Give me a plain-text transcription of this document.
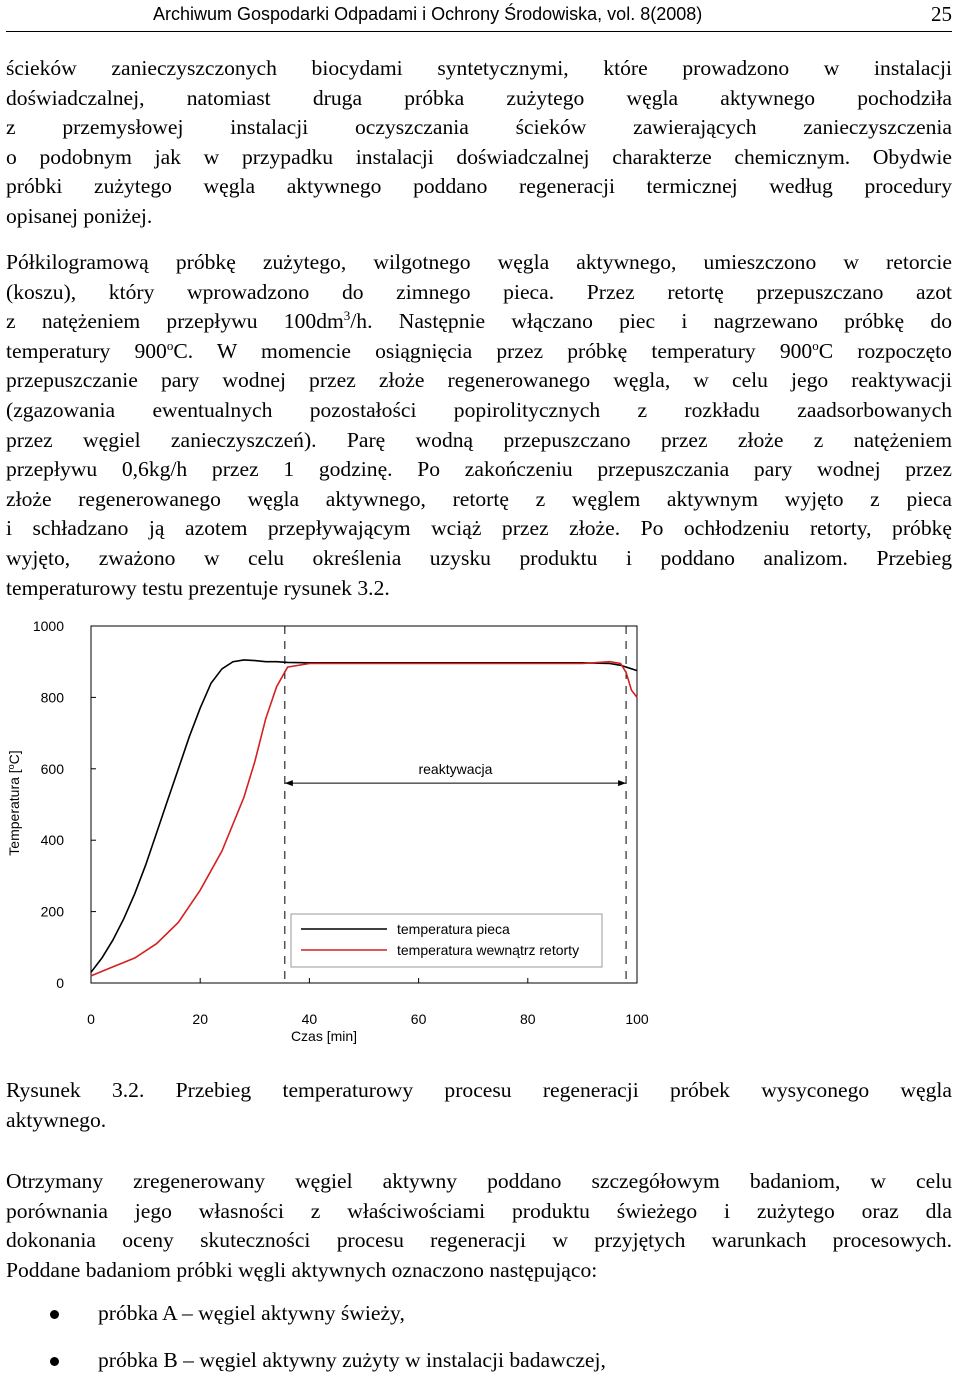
Archiwum Gospodarki Odpadami i Ochrony Środowiska, vol. 8(2008)	25

ścieków zanieczyszczonych biocydami syntetycznymi, które prowadzono w instalacji
doświadczalnej, natomiast druga próbka zużytego węgla aktywnego pochodziła
z przemysłowej instalacji oczyszczania ścieków zawierających zanieczyszczenia
o podobnym jak w przypadku instalacji doświadczalnej charakterze chemicznym. Obydwie
próbki zużytego węgla aktywnego poddano regeneracji termicznej według procedury
opisanej poniżej.

Półkilogramową próbkę zużytego, wilgotnego węgla aktywnego, umieszczono w retorcie
(koszu), który wprowadzono do zimnego pieca. Przez retortę przepuszczano azot
z natężeniem przepływu $100dm^3/h$. Następnie włączano piec i nagrzewano próbkę do
temperatury 900$^o$C. W momencie osiągnięcia przez próbkę temperatury 900$^o$C rozpoczęto
przepuszczanie pary wodnej przez złoże regenerowanego węgla, w celu jego reaktywacji
(zgazowania ewentualnych pozostałości popirolitycznych z rozkładu zaadsorbowanych
przez węgiel zanieczyszczeń). Parę wodną przepuszczano przez złoże z natężeniem
przepływu 0,6kg/h przez 1 godzinę. Po zakończeniu przepuszczania pary wodnej przez
złoże regenerowanego węgla aktywnego, retortę z węglem aktywnym wyjęto z pieca
i schładzano ją azotem przepływającym wciąż przez złoże. Po ochłodzeniu retorty, próbkę
wyjęto, zważono w celu określenia uzysku produktu i poddano analizom. Przebieg
temperaturowy testu prezentuje rysunek 3.2.

0
200
400
600
800
1000
0	20	40	60	80	100
Czas [min]
Temperatura [$^o$C]
reaktywacja
temperatura pieca
temperatura wewnątrz retorty

Rysunek 3.2. Przebieg temperaturowy procesu regeneracji próbek wysyconego węgla
aktywnego.

Otrzymany zregenerowany węgiel aktywny poddano szczegółowym badaniom, w celu
porównania jego własności z właściwościami produktu świeżego i zużytego oraz dla
dokonania oceny skuteczności procesu regeneracji w przyjętych warunkach procesowych.
Poddane badaniom próbki węgli aktywnych oznaczono następująco:

próbka A – węgiel aktywny świeży,
próbka B – węgiel aktywny zużyty w instalacji badawczej,
